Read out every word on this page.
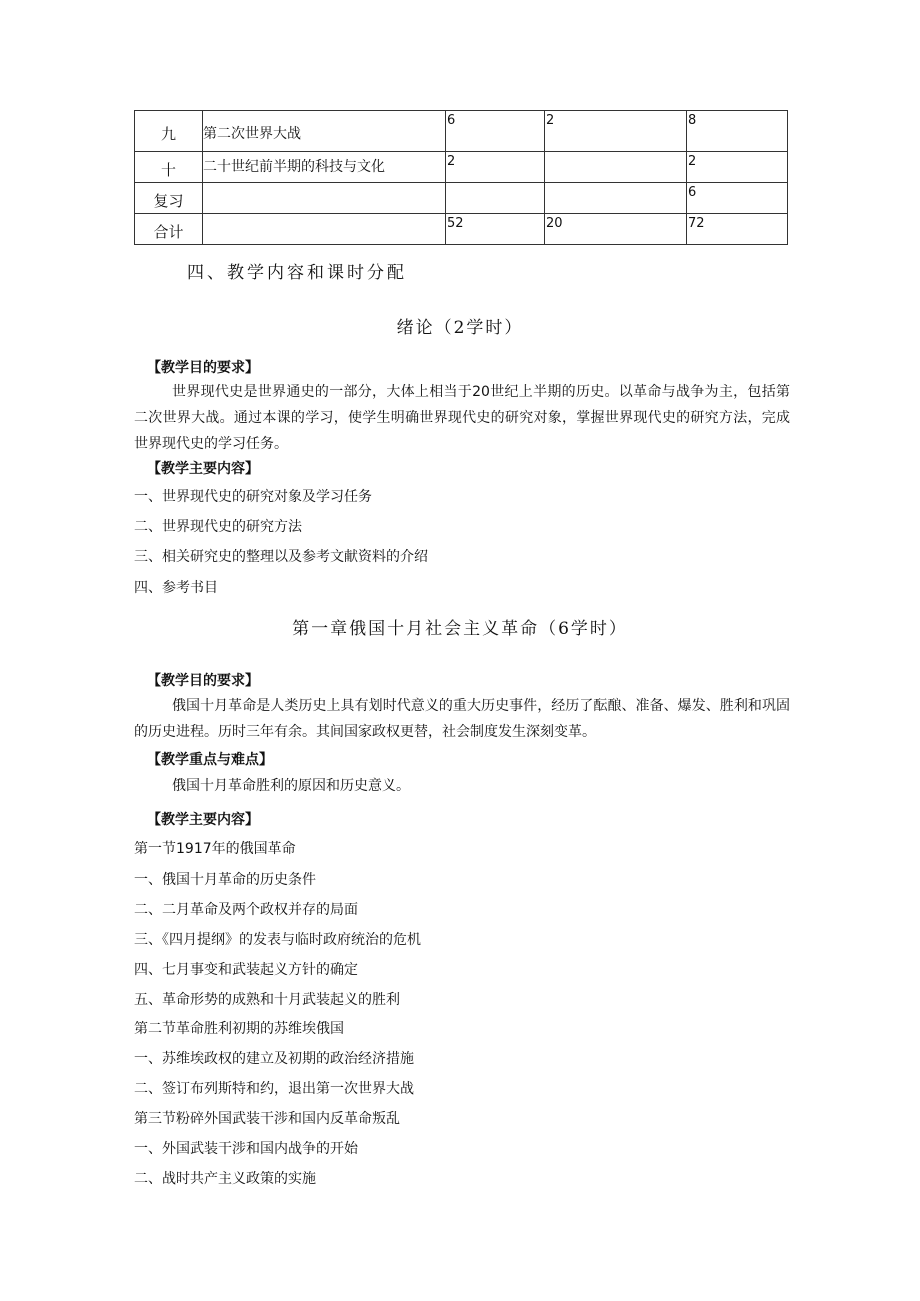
九	第二次世界大战	6	2	8

十	二十世纪前半期的科技与文化	2		2

复习				6

合计		52	20	72
四、教学内容和课时分配
绪论（2学时）
【教学目的要求】
世界现代史是世界通史的一部分，大体上相当于20世纪上半期的历史。以革命与战争为主，包括第二次世界大战。通过本课的学习，使学生明确世界现代史的研究对象，掌握世界现代史的研究方法，完成世界现代史的学习任务。
【教学主要内容】
一、世界现代史的研究对象及学习任务
二、世界现代史的研究方法
三、相关研究史的整理以及参考文献资料的介绍
四、参考书目
第一章俄国十月社会主义革命（6学时）
【教学目的要求】
俄国十月革命是人类历史上具有划时代意义的重大历史事件，经历了酝酿、准备、爆发、胜利和巩固的历史进程。历时三年有余。其间国家政权更替，社会制度发生深刻变革。
【教学重点与难点】
俄国十月革命胜利的原因和历史意义。
【教学主要内容】
第一节1917年的俄国革命
一、俄国十月革命的历史条件
二、二月革命及两个政权并存的局面
三、《四月提纲》的发表与临时政府统治的危机
四、七月事变和武装起义方针的确定
五、革命形势的成熟和十月武装起义的胜利
第二节革命胜利初期的苏维埃俄国
一、苏维埃政权的建立及初期的政治经济措施
二、签订布列斯特和约，退出第一次世界大战
第三节粉碎外国武装干涉和国内反革命叛乱
一、外国武装干涉和国内战争的开始
二、战时共产主义政策的实施
